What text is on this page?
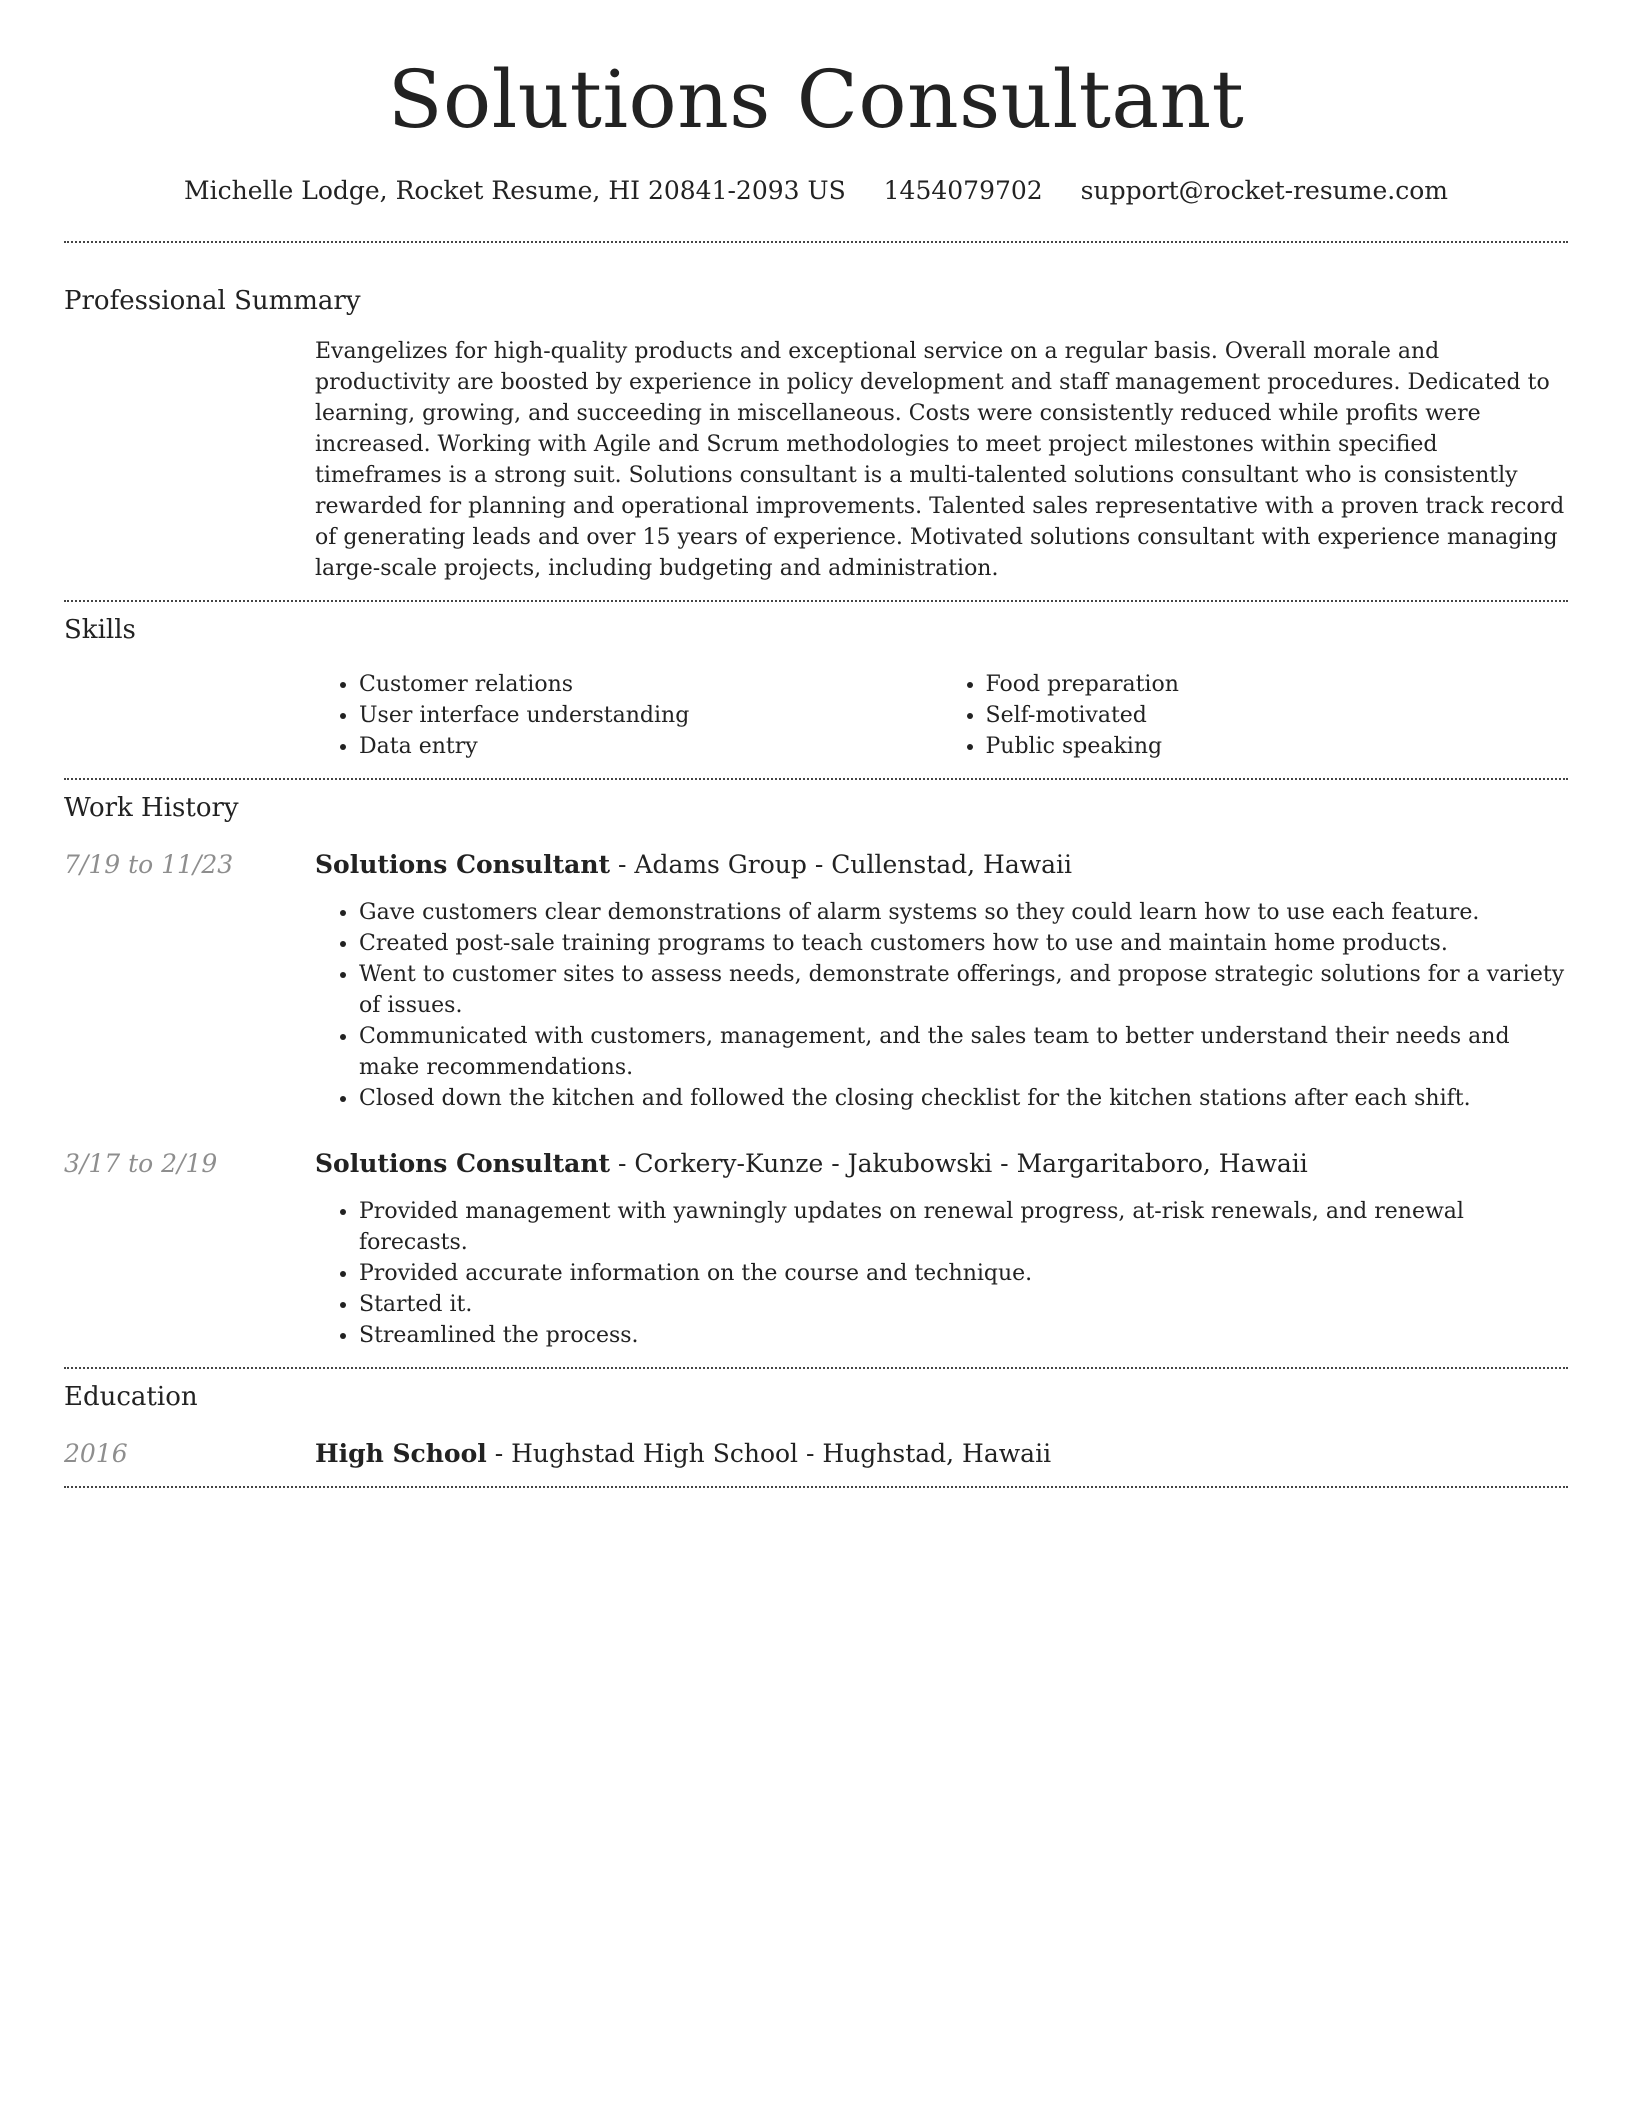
Solutions Consultant
Michelle Lodge, Rocket Resume, HI 20841-2093 US 1454079702 support@rocket-resume.com
Professional Summary

Evangelizes for high-quality products and exceptional service on a regular basis. Overall morale and productivity are boosted by experience in policy development and staff management procedures. Dedicated to learning, growing, and succeeding in miscellaneous. Costs were consistently reduced while profits were increased. Working with Agile and Scrum methodologies to meet project milestones within specified timeframes is a strong suit. Solutions consultant is a multi-talented solutions consultant who is consistently rewarded for planning and operational improvements. Talented sales representative with a proven track record of generating leads and over 15 years of experience. Motivated solutions consultant with experience managing large-scale projects, including budgeting and administration.

Skills
• Customer relations
• User interface understanding
• Data entry
• Food preparation
• Self-motivated
• Public speaking
Work History
7/19 to 11/23	Solutions Consultant - Adams Group - Cullenstad, Hawaii
• Gave customers clear demonstrations of alarm systems so they could learn how to use each feature.
• Created post-sale training programs to teach customers how to use and maintain home products.
• Went to customer sites to assess needs, demonstrate offerings, and propose strategic solutions for a variety of issues.
• Communicated with customers, management, and the sales team to better understand their needs and make recommendations.
• Closed down the kitchen and followed the closing checklist for the kitchen stations after each shift.
3/17 to 2/19	Solutions Consultant - Corkery-Kunze - Jakubowski - Margaritaboro, Hawaii
• Provided management with yawningly updates on renewal progress, at-risk renewals, and renewal forecasts.
• Provided accurate information on the course and technique.
• Started it.
• Streamlined the process.
Education
2016	High School - Hughstad High School - Hughstad, Hawaii
